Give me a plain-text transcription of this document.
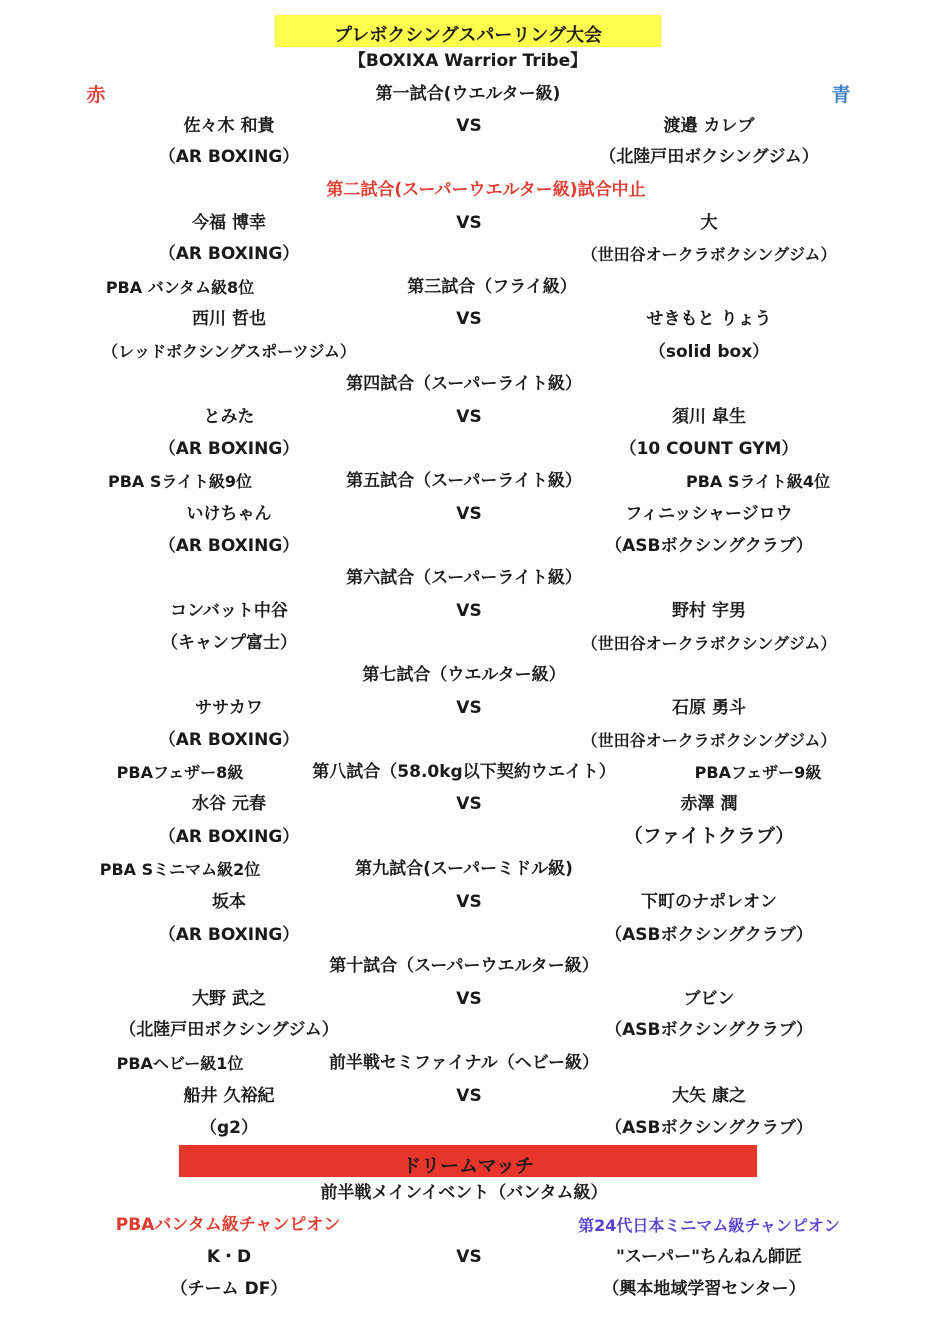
プレボクシングスパーリング大会
【BOXIXA Warrior Tribe】
赤	青
第一試合(ウエルター級)
佐々木 和貴	VS	渡邉 カレブ
（AR BOXING）	（北陸戸田ボクシングジム）
第二試合(スーパーウエルター級)試合中止
今福 博幸	VS	大
（AR BOXING）	（世田谷オークラボクシングジム）
PBA バンタム級8位	第三試合（フライ級）
西川 哲也	VS	せきもと りょう
（レッドボクシングスポーツジム）	（solid box）
第四試合（スーパーライト級）
とみた	VS	須川 皐生
（AR BOXING）	（10 COUNT GYM）
PBA Sライト級9位	第五試合（スーパーライト級）	PBA Sライト級4位
いけちゃん	VS	フィニッシャージロウ
（AR BOXING）	（ASBボクシングクラブ）
第六試合（スーパーライト級）
コンバット中谷	VS	野村 宇男
（キャンプ富士）	（世田谷オークラボクシングジム）
第七試合（ウエルター級）
ササカワ	VS	石原 勇斗
（AR BOXING）	（世田谷オークラボクシングジム）
PBAフェザー8級	第八試合（58.0kg以下契約ウエイト）	PBAフェザー9級
水谷 元春	VS	赤澤 潤
（AR BOXING）	（ファイトクラブ）
PBA Sミニマム級2位	第九試合(スーパーミドル級)
坂本	VS	下町のナポレオン
（AR BOXING）	（ASBボクシングクラブ）
第十試合（スーパーウエルター級）
大野 武之	VS	ブビン
（北陸戸田ボクシングジム）	（ASBボクシングクラブ）
PBAヘビー級1位	前半戦セミファイナル（ヘビー級）
船井 久裕紀	VS	大矢 康之
（g2）	（ASBボクシングクラブ）
ドリームマッチ
前半戦メインイベント（バンタム級）
PBAバンタム級チャンピオン	第24代日本ミニマム級チャンピオン
K・D	VS	"スーパー"ちんねん師匠
（チーム DF）	（興本地域学習センター）
